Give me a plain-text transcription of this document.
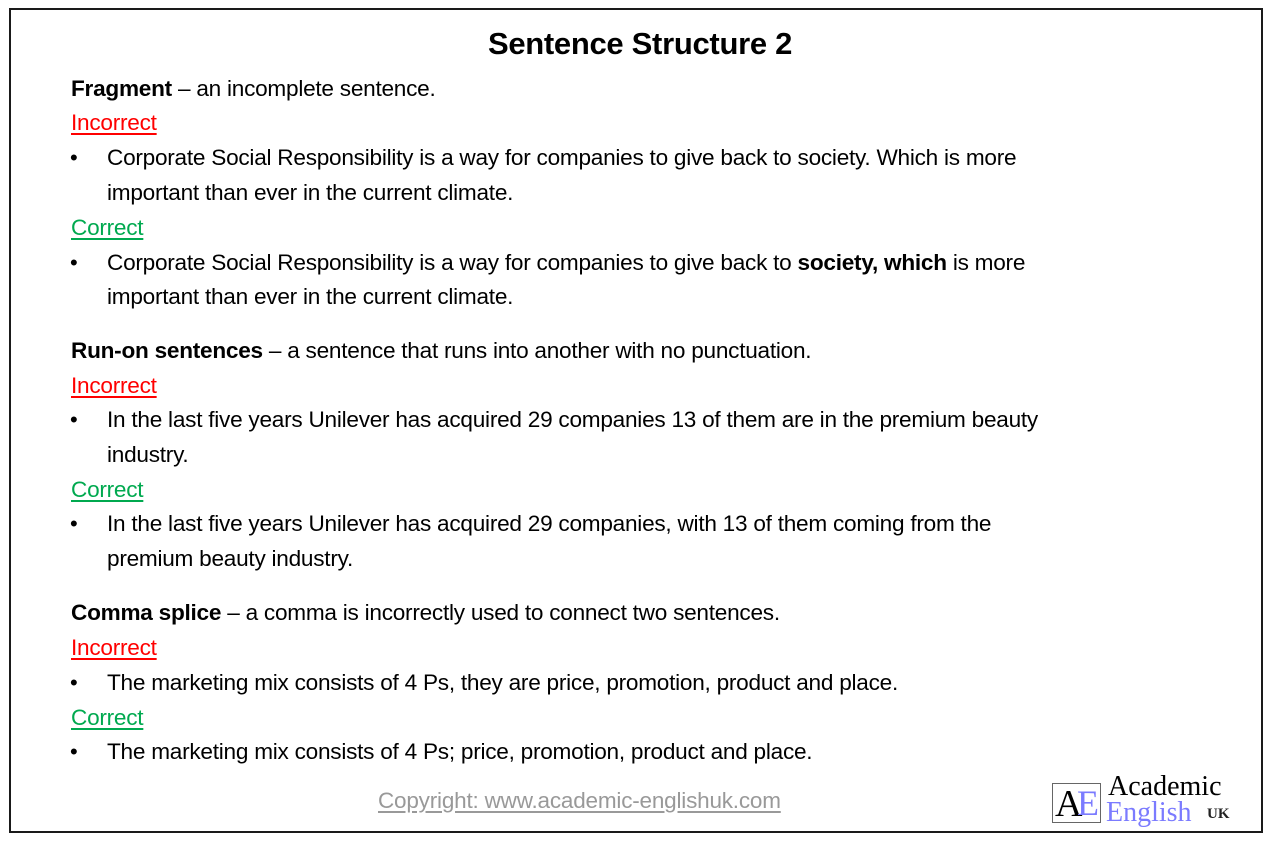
Sentence Structure 2
Fragment – an incomplete sentence.
Incorrect
• Corporate Social Responsibility is a way for companies to give back to society. Which is more
important than ever in the current climate.
Correct
• Corporate Social Responsibility is a way for companies to give back to society, which is more
important than ever in the current climate.
Run-on sentences – a sentence that runs into another with no punctuation.
Incorrect
• In the last five years Unilever has acquired 29 companies 13 of them are in the premium beauty
industry.
Correct
• In the last five years Unilever has acquired 29 companies, with 13 of them coming from the
premium beauty industry.
Comma splice – a comma is incorrectly used to connect two sentences.
Incorrect
• The marketing mix consists of 4 Ps, they are price, promotion, product and place.
Correct
• The marketing mix consists of 4 Ps; price, promotion, product and place.
Copyright: www.academic-englishuk.com	A
E Academic
English UK
